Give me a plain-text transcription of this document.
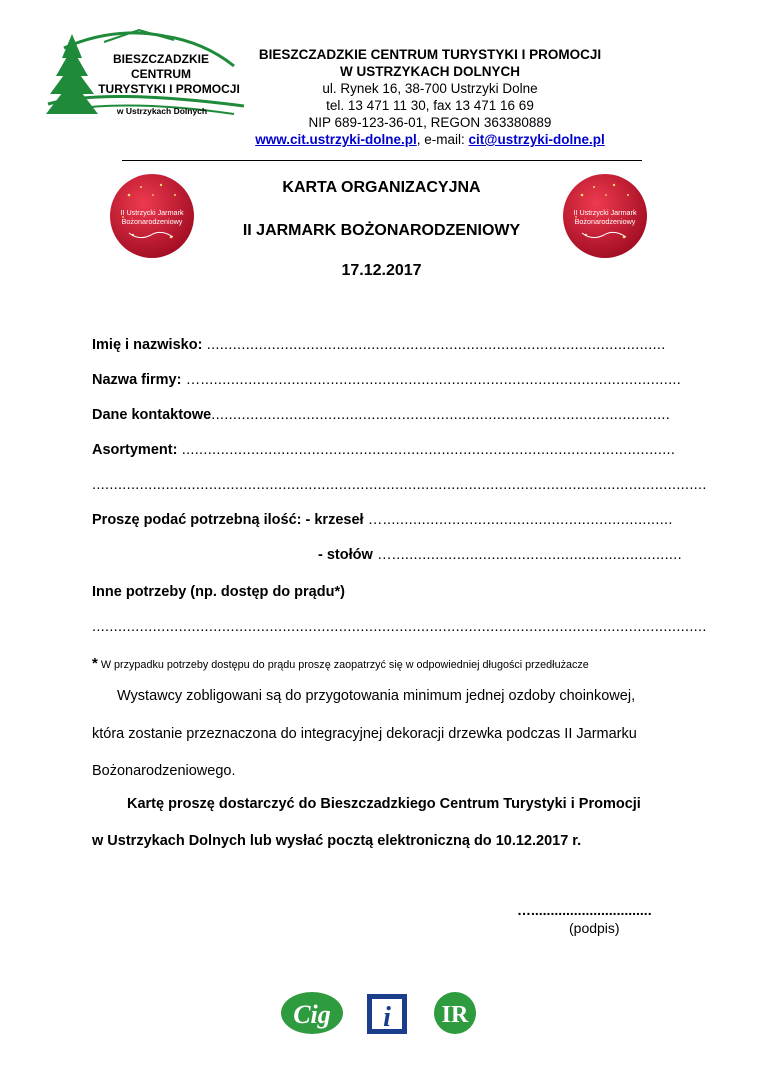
BIESZCZADZKIE
CENTRUM
TURYSTYKI I PROMOCJI
w Ustrzykach Dolnych
BIESZCZADZKIE CENTRUM TURYSTYKI I PROMOCJI
W USTRZYKACH DOLNYCH
ul. Rynek 16, 38-700 Ustrzyki Dolne
tel. 13 471 11 30, fax 13 471 16 69
NIP 689-123-36-01, REGON 363380889
www.cit.ustrzyki-dolne.pl, e-mail: cit@ustrzyki-dolne.pl
II Ustrzycki Jarmark
Bożonarodzeniowy
II Ustrzycki Jarmark
Bożonarodzeniowy
KARTA ORGANIZACYJNA
II JARMARK BOŻONARODZENIOWY
17.12.2017
Imię i nazwisko: ..........................................................................................................
Nazwa firmy: …...............................................................................................................
Dane kontaktowe..........................................................................................................
Asortyment: ..................................................................................................................
..............................................................................................................................................
Proszę podać potrzebną ilość: - krzeseł …...................................................................
- stołów …...................................................................
Inne potrzeby (np. dostęp do prądu*)
..............................................................................................................................................
* W przypadku potrzeby dostępu do prądu proszę zaopatrzyć się w odpowiedniej długości przedłużacze
Wystawcy zobligowani są do przygotowania minimum jednej ozdoby choinkowej,
która zostanie przeznaczona do integracyjnej dekoracji drzewka podczas II Jarmarku
Bożonarodzeniowego.
Kartę proszę dostarczyć do Bieszczadzkiego Centrum Turystyki i Promocji
w Ustrzykach Dolnych lub wysłać pocztą elektroniczną do 10.12.2017 r.
…...............................
(podpis)
Cig i IR
